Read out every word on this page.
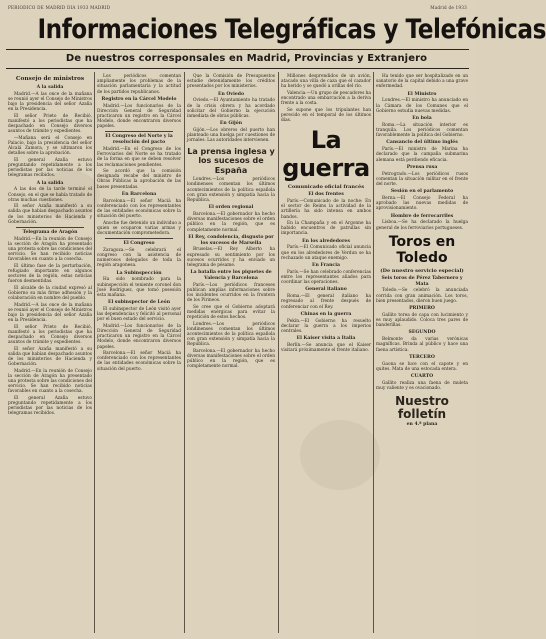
PERIODICO DE MADRID DIA 1933 MADRID	Madrid de 1933
Informaciones Telegráficas y Telefónicas
De nuestros corresponsales en Madrid, Provincias y Extranjero
Consejo de ministros
A la salida

Madrid.—A las once de la mañana se reunió ayer el Consejo de Ministros bajo la presidencia del señor Azaña en la Presidencia.

El señor Prieto de Recibió, manifestó a los periodistas que ha despachado en Consejo diversos asuntos de trámite y expedientes.

—Mañana será el Consejo en Palacio, bajo la presidencia del señor Alcalá Zamora, y se ultimaron los detalles sobre la aprobación.

El general Azaña estuvo preguntando repetidamente a los periodistas por las noticias de los telegramas recibidos.

A la salida

A las dos de la tarde terminó el Consejo, en el que se había tratado de otras muchas cuestiones.

El señor Azaña manifestó a su salida que habían despachado asuntos de los ministerios de Hacienda y Gobernación.

Telegrama de Aragón

Madrid.—En la reunión de Consejo la sección de Aragón ha presentado una protesta sobre las condiciones del servicio. Se han recibido noticias favorables en cuanto a la cosecha.

El último fase de la perturbación, refugiado importante en algunos sectores de la región, estas noticias fueron desmentidas.

El alcalde de la ciudad expresó al Gobierno su más firme adhesión y la colaboración en nombre del pueblo.

Madrid.—A las once de la mañana se reunió ayer el Consejo de Ministros bajo la presidencia del señor Azaña en la Presidencia.

El señor Prieto de Recibió, manifestó a los periodistas que ha despachado en Consejo diversos asuntos de trámite y expedientes.

El señor Azaña manifestó a su salida que habían despachado asuntos de los ministerios de Hacienda y Gobernación.

Madrid.—En la reunión de Consejo la sección de Aragón ha presentado una protesta sobre las condiciones del servicio. Se han recibido noticias favorables en cuanto a la cosecha.

El general Azaña estuvo preguntando repetidamente a los periodistas por las noticias de los telegramas recibidos.

Los periódicos comentan ampliamente los problemas de la situación parlamentaria y la actitud de los partidos republicanos.

Registro en la Cárcel Modelo

Madrid.—Los funcionarios de la Dirección General de Seguridad practicaron un registro en la Cárcel Modelo, donde encontraron diversos papeles.

El Congreso del Norte y la resolución del pacto

Madrid.—En el Congreso de los Ferroviarios del Norte se ha tratado de la forma en que se deben resolver las reclamaciones pendientes.

Se acordó que la comisión designada recabe del ministro de Obras Públicas la aprobación de las bases presentadas.

En Barcelona

Barcelona.—El señor Macià ha conferenciado con los representantes de las entidades económicas sobre la situación del puerto.

Anoche fue detenido un individuo a quien se ocuparon varias armas y documentación comprometedora.

El Congreso

Zaragoza.—Se celebrará el congreso con la asistencia de numerosos delegados de toda la región aragonesa.

La Subinspección

Ha sido nombrado para la subinspección el teniente coronel don José Rodríguez, que tomó posesión esta mañana.

El subinspector de León

El subinspector de León visitó ayer las dependencias y felicitó al personal por el buen estado del servicio.

Madrid.—Los funcionarios de la Dirección General de Seguridad practicaron un registro en la Cárcel Modelo, donde encontraron diversos papeles.

Barcelona.—El señor Macià ha conferenciado con los representantes de las entidades económicas sobre la situación del puerto.

Que la Comisión de Presupuestos estudie detenidamente los créditos presentados por los ministerios.

En Oviedo

Oviedo.—El Ayuntamiento ha tratado de la crisis obrera y ha acordado solicitar del Gobierno la ejecución inmediata de obras públicas.

En Gijón

Gijón.—Los obreros del puerto han planteado una huelga por cuestiones de jornales. Las autoridades intervienen.

La prensa inglesa y los sucesos de España

Londres.—Los periódicos londinenses comentan los últimos acontecimientos de la política española con gran extensión y simpatía hacia la República.

El orden regional

Barcelona.—El gobernador ha hecho diversas manifestaciones sobre el orden público en la región, que es completamente normal.

El Rey, condolencia, disgusto por los sucesos de Marsella

Bruselas.—El Rey Alberto ha expresado su sentimiento por los sucesos ocurridos y ha enviado un telegrama de pésame.

La batalla entre los piquetes de Valencia y Barcelona

París.—Los periódicos franceses publican amplias informaciones sobre los incidentes ocurridos en la frontera de los Pirineos.

Se cree que el Gobierno adoptará medidas enérgicas para evitar la repetición de estos hechos.

Londres.—Los periódicos londinenses comentan los últimos acontecimientos de la política española con gran extensión y simpatía hacia la República.

Barcelona.—El gobernador ha hecho diversas manifestaciones sobre el orden público en la región, que es completamente normal.

Millones desprendidos de un avión, atacado una villa de caza que el cazador ha herido y se quedó a orillas del río.

Valencia.—Un grupo de pescadores ha encontrado una embarcación a la deriva frente a la costa.

Se supone que los tripulantes han perecido en el temporal de los últimos días.

La guerra
Comunicado oficial francés
El dos frentes

París.—Comunicado de la noche: En el sector de Reims la actividad de la artillería ha sido intensa en ambos bandos.

En la Champaña y en el Argonne ha habido encuentros de patrullas sin importancia.

En los alrededores

París.—El Comunicado oficial anuncia que en los alrededores de Verdun se ha rechazado un ataque enemigo.

En Francia

París.—Se han celebrado conferencias entre los representantes aliados para coordinar las operaciones.

General italiano

Roma.—El general italiano ha regresado al frente después de conferenciar con el Rey.

Chinas en la guerra

Pekín.—El Gobierno ha resuelto declarar la guerra a los imperios centrales.

El Kaiser visita a Italia

Berlín.—Se anuncia que el Kaiser visitará próximamente el frente italiano.

Ha tenido que ser hospitalizado en un sanatorio de la capital debido a una grave enfermedad.

El Ministro

Londres.—El ministro ha anunciado en la Cámara de los Comunes que el Gobierno estudia nuevas medidas.

En bola

Roma.—La situación interior es tranquila. Los periódicos comentan favorablemente la política del Gobierno.

Cansancio del último inglés

París.—El ministro de Marina ha declarado que la campaña submarina alemana está perdiendo eficacia.

Prensa rusa

Petrogrado.—Los periódicos rusos comentan la situación militar en el frente del norte.

Sesión en el parlamento

Berna.—El Consejo Federal ha aprobado las nuevas medidas de aprovisionamiento.

Hombre de ferrocarriles

Lisboa.—Se ha declarado la huelga general de los ferroviarios portugueses.

Toros en Toledo
(De nuestro servicio especial)
Seis toros de Pérez Tabernero y Mata

Toledo.—Se celebró la anunciada corrida con gran animación. Los toros, bien presentados, dieron buen juego.

PRIMERO

Gallito torea de capa con lucimiento y es muy aplaudido. Coloca tres pares de banderillas.

SEGUNDO

Belmonte da varias verónicas magníficas. Brinda al público y hace una faena artística.

TERCERO

Gaona se luce con el capote y en quites. Mata de una estocada entera.

CUARTO

Gallito realiza una faena de muleta muy valiente y es ovacionado.

Nuestro folletín
en 4.ª plana
